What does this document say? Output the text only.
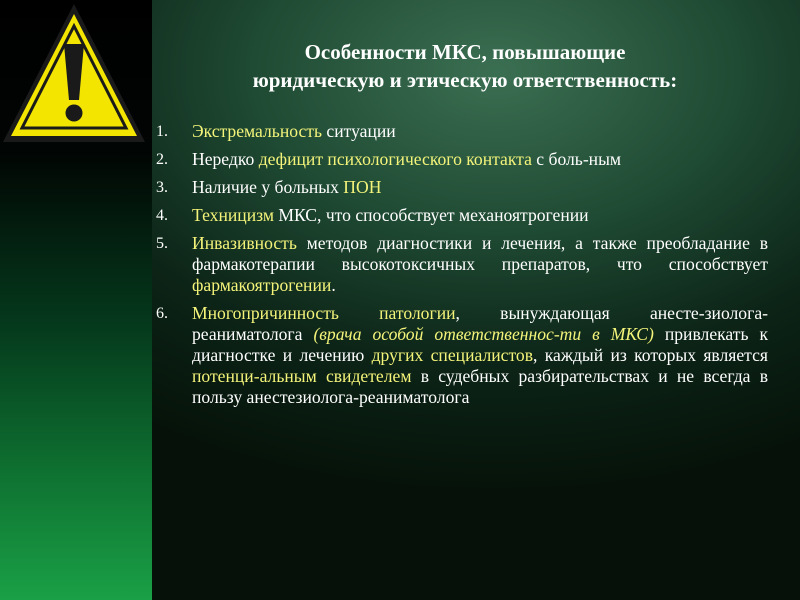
Особенности МКС, повышающие
юридическую и этическую ответственность:
1. Экстремальность ситуации
2. Нередко дефицит психологического контакта с боль-ным
3. Наличие у больных ПОН
4. Техницизм МКС, что способствует механоятрогении
5. Инвазивность методов диагностики и лечения, а также преобладание в фармакотерапии высокотоксичных препаратов, что способствует фармакоятрогении.
6. Многопричинность патологии, вынуждающая анесте-зиолога-реаниматолога (врача особой ответственнос-ти в МКС) привлекать к диагностке и лечению других специалистов, каждый из которых является потенци-альным свидетелем в судебных разбирательствах и не всегда в пользу анестезиолога-реаниматолога
